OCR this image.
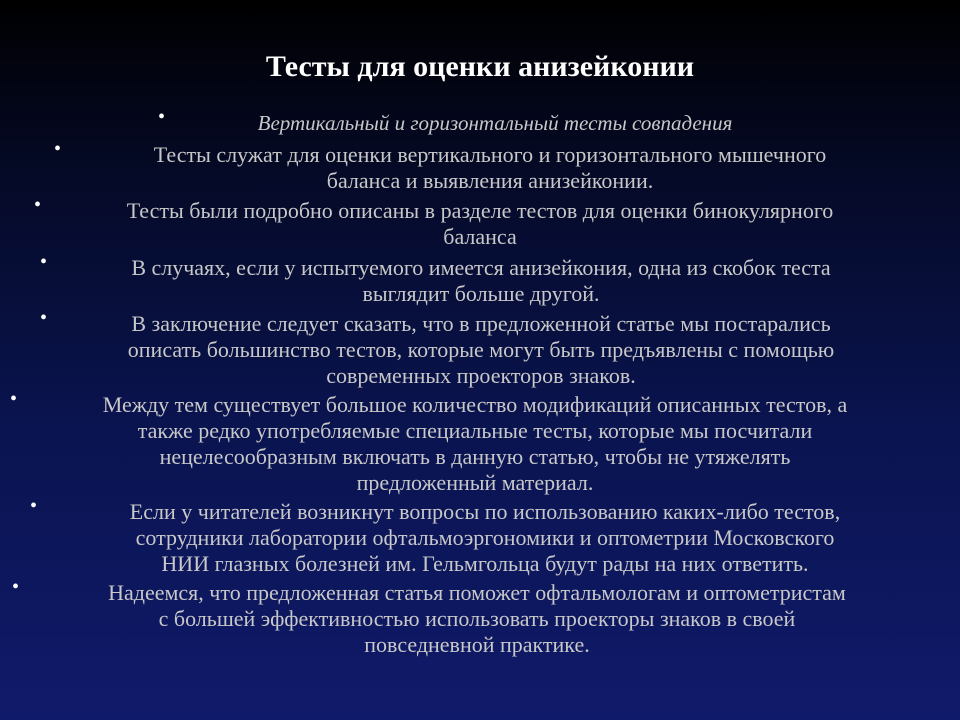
Тесты для оценки анизейконии
•	Вертикальный и горизонтальный тесты совпадения
•	Тесты служат для оценки вертикального и горизонтального мышечного
баланса и выявления анизейконии.
•	Тесты были подробно описаны в разделе тестов для оценки бинокулярного
баланса
•	В случаях, если у испытуемого имеется анизейкония, одна из скобок теста
выглядит больше другой.
•	В заключение следует сказать, что в предложенной статье мы постарались
описать большинство тестов, которые могут быть предъявлены с помощью
современных проекторов знаков.
•	Между тем существует большое количество модификаций описанных тестов, а
также редко употребляемые специальные тесты, которые мы посчитали
нецелесообразным включать в данную статью, чтобы не утяжелять
предложенный материал.
•	Если у читателей возникнут вопросы по использованию каких-либо тестов,
сотрудники лаборатории офтальмоэргономики и оптометрии Московского
НИИ глазных болезней им. Гельмгольца будут рады на них ответить.
•	Надеемся, что предложенная статья поможет офтальмологам и оптометристам
с большей эффективностью использовать проекторы знаков в своей
повседневной практике.
